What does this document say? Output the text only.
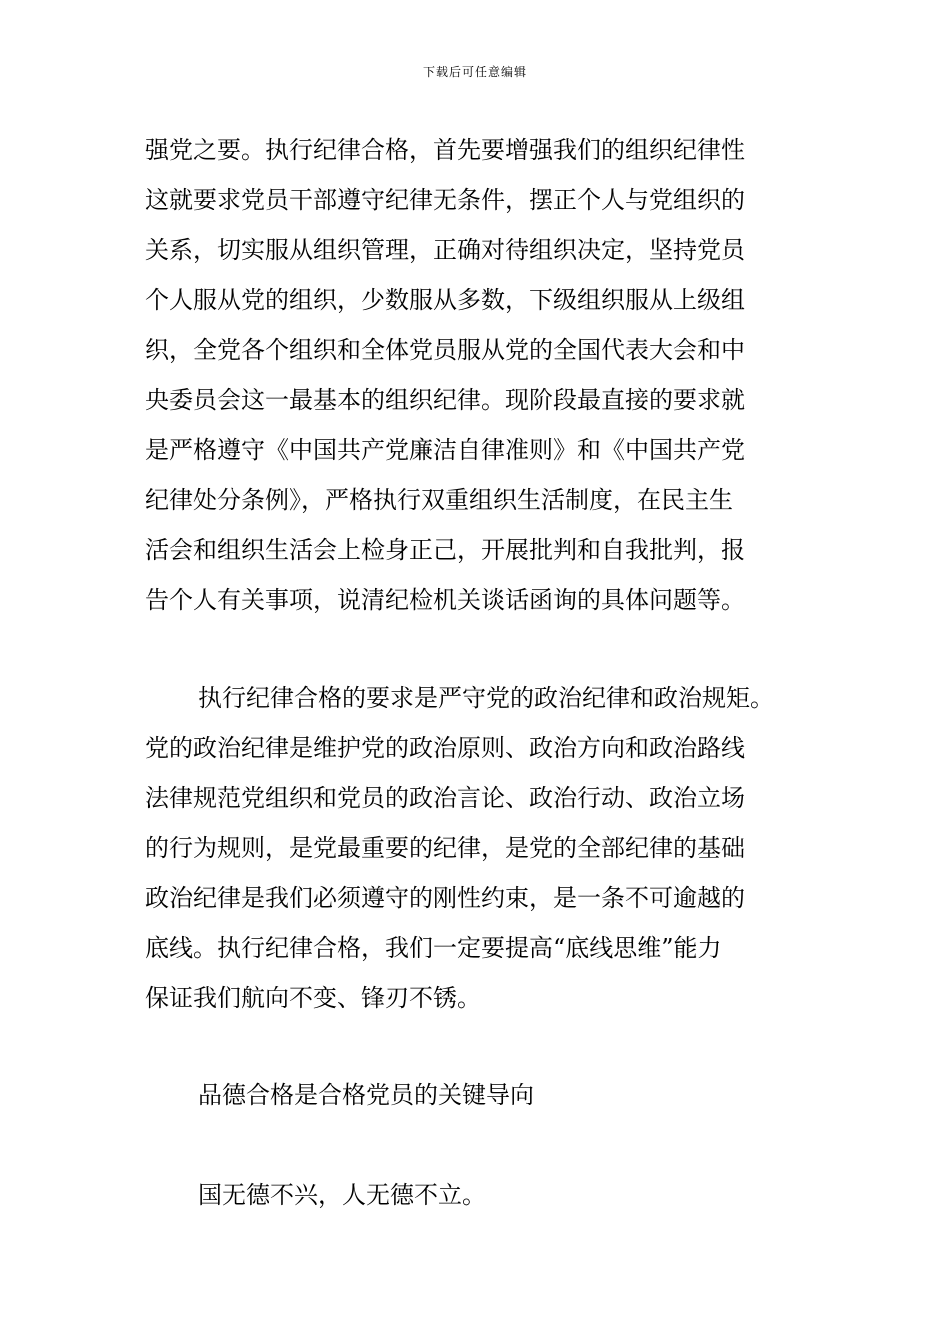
下载后可任意编辑
强党之要。执行纪律合格，首先要增强我们的组织纪律性
这就要求党员干部遵守纪律无条件，摆正个人与党组织的
关系，切实服从组织管理，正确对待组织决定，坚持党员
个人服从党的组织，少数服从多数，下级组织服从上级组
织，全党各个组织和全体党员服从党的全国代表大会和中
央委员会这一最基本的组织纪律。现阶段最直接的要求就
是严格遵守《中国共产党廉洁自律准则》和《中国共产党
纪律处分条例》，严格执行双重组织生活制度，在民主生
活会和组织生活会上检身正己，开展批判和自我批判，报
告个人有关事项，说清纪检机关谈话函询的具体问题等。
执行纪律合格的要求是严守党的政治纪律和政治规矩。
党的政治纪律是维护党的政治原则、政治方向和政治路线
法律规范党组织和党员的政治言论、政治行动、政治立场
的行为规则，是党最重要的纪律，是党的全部纪律的基础
政治纪律是我们必须遵守的刚性约束，是一条不可逾越的
底线。执行纪律合格，我们一定要提高“底线思维”能力
保证我们航向不变、锋刃不锈。
品德合格是合格党员的关键导向
国无德不兴，人无德不立。
